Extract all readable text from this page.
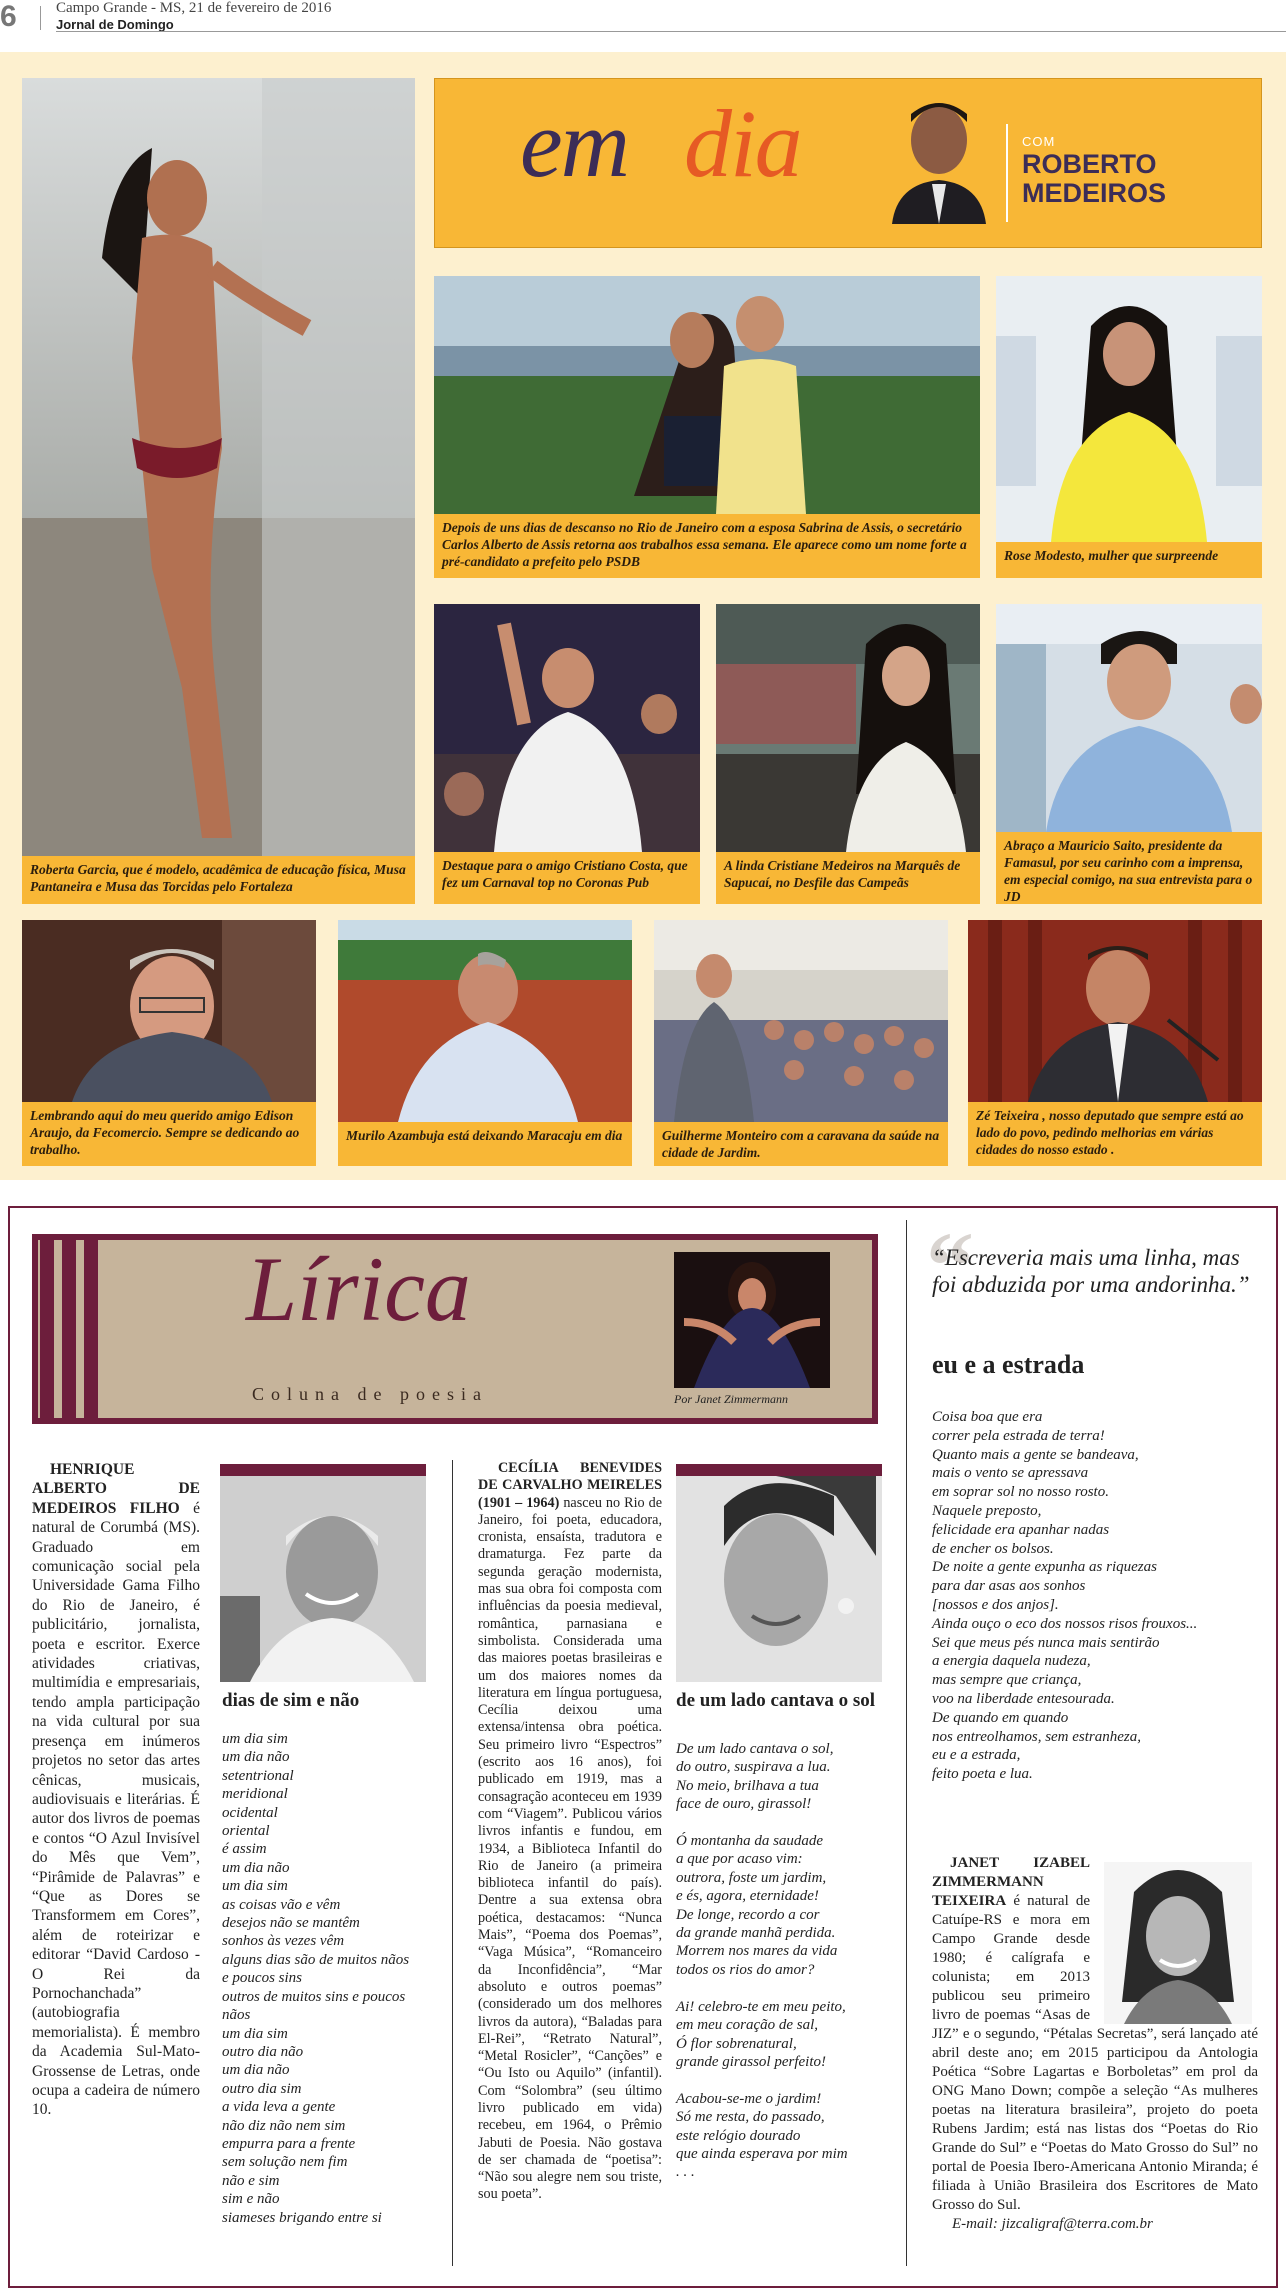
6	Campo Grande - MS, 21 de fevereiro de 2016
Jornal de Domingo
Roberta Garcia, que é modelo, acadêmica de educação física, Musa Pantaneira e Musa das Torcidas pelo Fortaleza
em dia	COM
ROBERTO
MEDEIROS
Depois de uns dias de descanso no Rio de Janeiro com a esposa Sabrina de Assis, o secretário Carlos Alberto de Assis retorna aos trabalhos essa semana. Ele aparece como um nome forte a pré-candidato a prefeito pelo PSDB	Rose Modesto, mulher que surpreende
Destaque para o amigo Cristiano Costa, que fez um Carnaval top no Coronas Pub
A linda Cristiane Medeiros na Marquês de Sapucaí, no Desfile das Campeãs
Abraço a Mauricio Saito, presidente da Famasul, por seu carinho com a imprensa, em especial comigo, na sua entrevista para o JD
Lembrando aqui do meu querido amigo Edison Araujo, da Fecomercio. Sempre se dedicando ao trabalho.
Murilo Azambuja está deixando Maracaju em dia	Guilherme Monteiro com a caravana da saúde na cidade de Jardim.
Zé Teixeira , nosso deputado que sempre está ao lado do povo, pedindo melhorias em várias cidades do nosso estado .
Lírica
Coluna de poesia	Por Janet Zimmermann
HENRIQUE ALBERTO DE MEDEIROS FILHO é natural de Corumbá (MS). Graduado em comunicação social pela Universidade Gama Filho do Rio de Janeiro, é publicitário, jornalista, poeta e escritor. Exerce atividades criativas, multimídia e empresariais, tendo ampla participação na vida cultural por sua presença em inúmeros projetos no setor das artes cênicas, musicais, audiovisuais e literárias. É autor dos livros de poemas e contos “O Azul Invisível do Mês que Vem”, “Pirâmide de Palavras” e “Que as Dores se Transformem em Cores”, além de roteirizar e editorar “David Cardoso - O Rei da Pornochanchada” (autobiografia memorialista). É membro da Academia Sul-Mato-Grossense de Letras, onde ocupa a cadeira de número 10.
dias de sim e não
um dia sim
um dia não
setentrional
meridional
ocidental
oriental
é assim
um dia não
um dia sim
as coisas vão e vêm
desejos não se mantêm
sonhos às vezes vêm
alguns dias são de muitos nãos
e poucos sins
outros de muitos sins e poucos
nãos
um dia sim
outro dia não
um dia não
outro dia sim
a vida leva a gente
não diz não nem sim
empurra para a frente
sem solução nem fim
não e sim
sim e não
siameses brigando entre si
CECÍLIA BENEVIDES DE CARVALHO MEIRELES (1901 – 1964) nasceu no Rio de Janeiro, foi poeta, educadora, cronista, ensaísta, tradutora e dramaturga. Fez parte da segunda geração modernista, mas sua obra foi composta com influências da poesia medieval, romântica, parnasiana e simbolista. Considerada uma das maiores poetas brasileiras e um dos maiores nomes da literatura em língua portuguesa, Cecília deixou uma extensa/intensa obra poética. Seu primeiro livro “Espectros” (escrito aos 16 anos), foi publicado em 1919, mas a consagração aconteceu em 1939 com “Viagem”. Publicou vários livros infantis e fundou, em 1934, a Biblioteca Infantil do Rio de Janeiro (a primeira biblioteca infantil do país). Dentre a sua extensa obra poética, destacamos: “Nunca Mais”, “Poema dos Poemas”, “Vaga Música”, “Romanceiro da Inconfidência”, “Mar absoluto e outros poemas” (considerado um dos melhores livros da autora), “Baladas para El-Rei”, “Retrato Natural”, “Metal Rosicler”, “Canções” e “Ou Isto ou Aquilo” (infantil). Com “Solombra” (seu último livro publicado em vida) recebeu, em 1964, o Prêmio Jabuti de Poesia. Não gostava de ser chamada de “poetisa”: “Não sou alegre nem sou triste, sou poeta”.
de um lado cantava o sol
De um lado cantava o sol,
do outro, suspirava a lua.
No meio, brilhava a tua
face de ouro, girassol!

Ó montanha da saudade
a que por acaso vim:
outrora, foste um jardim,
e és, agora, eternidade!
De longe, recordo a cor
da grande manhã perdida.
Morrem nos mares da vida
todos os rios do amor?

Ai! celebro-te em meu peito,
em meu coração de sal,
Ó flor sobrenatural,
grande girassol perfeito!

Acabou-se-me o jardim!
Só me resta, do passado,
este relógio dourado
que ainda esperava por mim
. . .
“
“Escreveria mais uma linha, mas foi abduzida por uma andorinha.”
eu e a estrada
Coisa boa que era
correr pela estrada de terra!
Quanto mais a gente se bandeava,
mais o vento se apressava
em soprar sol no nosso rosto.
Naquele preposto,
felicidade era apanhar nadas
de encher os bolsos.
De noite a gente expunha as riquezas
para dar asas aos sonhos
[nossos e dos anjos].
Ainda ouço o eco dos nossos risos frouxos...
Sei que meus pés nunca mais sentirão
a energia daquela nudeza,
mas sempre que criança,
voo na liberdade entesourada.
De quando em quando
nos entreolhamos, sem estranheza,
eu e a estrada,
feito poeta e lua.
JANET IZABEL ZIMMERMANN TEIXEIRA é natural de Catuípe-RS e mora em Campo Grande desde 1980; é calígrafa e colunista; em 2013 publicou seu primeiro livro de poemas “Asas de JIZ” e o segundo, “Pétalas Secretas”, será lançado até abril deste ano; em 2015 participou da Antologia Poética “Sobre Lagartas e Borboletas” em prol da ONG Mano Down; compõe a seleção “As mulheres poetas na literatura brasileira”, projeto do poeta Rubens Jardim; está nas listas dos “Poetas do Rio Grande do Sul” e “Poetas do Mato Grosso do Sul” no portal de Poesia Ibero-Americana Antonio Miranda; é filiada à União Brasileira dos Escritores de Mato Grosso do Sul.
E-mail: jizcaligraf@terra.com.br
